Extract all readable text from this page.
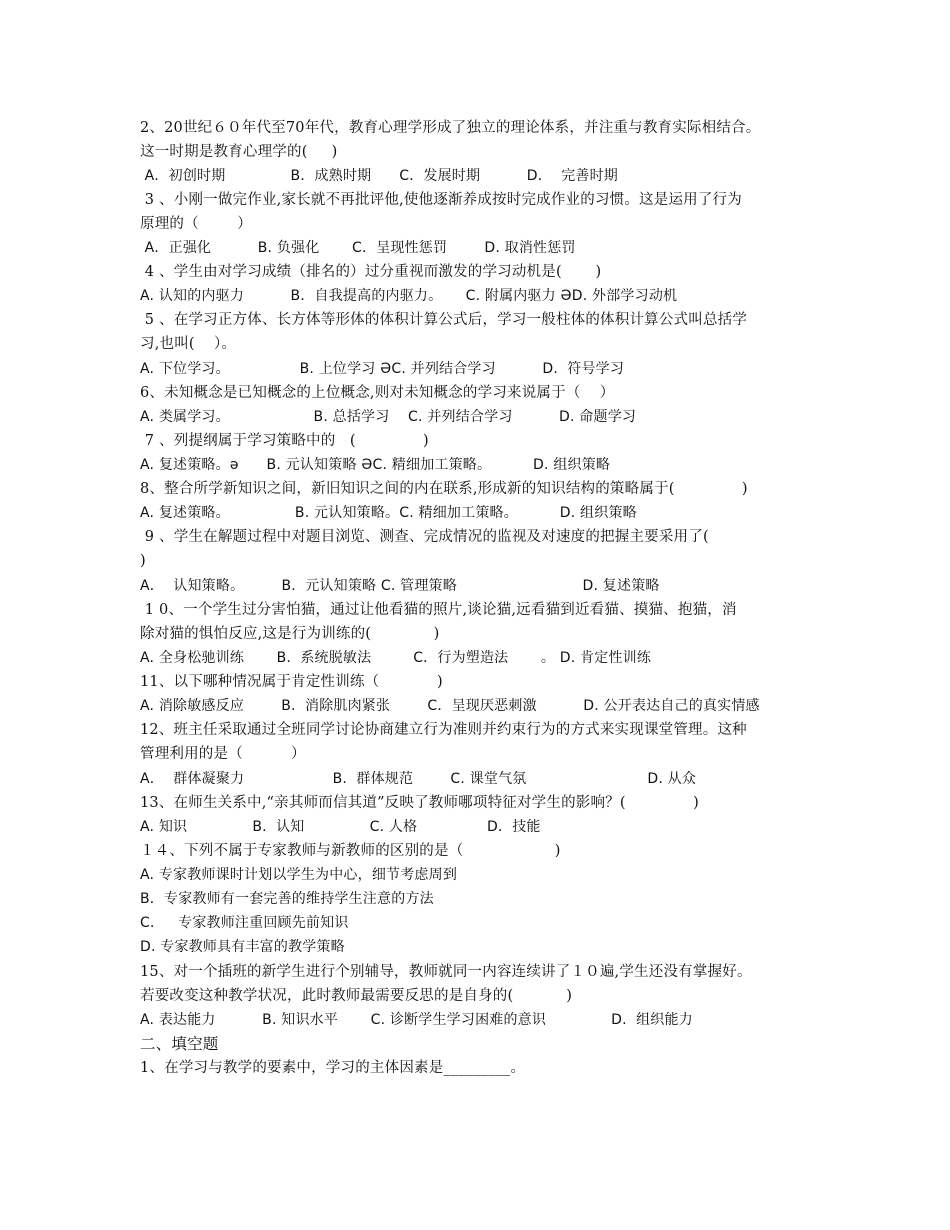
2、20世纪６０年代至70年代，教育心理学形成了独立的理论体系，并注重与教育实际相结合。
这一时期是教育心理学的(     )
A．初创时期              B．成熟时期      C．发展时期          D．  完善时期
3 、小刚一做完作业,家长就不再批评他,使他逐渐养成按时完成作业的习惯。这是运用了行为
原理的（        ）
A．正强化          B. 负强化       C．呈现性惩罚        D. 取消性惩罚
4 、学生由对学习成绩（排名的）过分重视而激发的学习动机是(       )
A. 认知的内驱力          B．自我提高的内驱力。     C. 附属内驱力 ƏD. 外部学习动机
5 、在学习正方体、长方体等形体的体积计算公式后，学习一般柱体的体积计算公式叫总括学
习,也叫(    ）。
A. 下位学习。               B. 上位学习 ƏC. 并列结合学习          D.  符号学习
6、未知概念是已知概念的上位概念,则对未知概念的学习来说属于（    ）
A. 类属学习。                  B. 总括学习    C. 并列结合学习          D. 命题学习
7 、列提纲属于学习策略中的   (              )
A. 复述策略。ə      B. 元认知策略 ƏC. 精细加工策略。         D. 组织策略
8、整合所学新知识之间，新旧知识之间的内在联系,形成新的知识结构的策略属于(              )
A. 复述策略。              B. 元认知策略。C. 精细加工策略。         D. 组织策略
9 、学生在解题过程中对题目浏览、测查、完成情况的监视及对速度的把握主要采用了(
)
A．  认知策略。        B.  元认知策略 C. 管理策略                           D. 复述策略
1 0、一个学生过分害怕猫，通过让他看猫的照片,谈论猫,远看猫到近看猫、摸猫、抱猫，消
除对猫的惧怕反应,这是行为训练的(             )
A. 全身松驰训练       B.  系统脱敏法         C．行为塑造法       。 D. 肯定性训练
11、以下哪种情况属于肯定性训练（            )
A. 消除敏感反应        B.  消除肌肉紧张        C．呈现厌恶刺激          D. 公开表达自己的真实情感
12、班主任采取通过全班同学讨论协商建立行为准则并约束行为的方式来实现课堂管理。这种
管理利用的是（          ）
A．  群体凝聚力                   B.  群体规范        C. 课堂气氛                          D. 从众
13、在师生关系中,“亲其师而信其道”反映了教师哪项特征对学生的影响？(              )
A. 知识              B.  认知              C. 人格               D．技能
１４、下列不属于专家教师与新教师的区别的是（                   )
A. 专家教师课时计划以学生为中心，细节考虑周到
B．专家教师有一套完善的维持学生注意的方法
C．   专家教师注重回顾先前知识
D. 专家教师具有丰富的教学策略
15、对一个插班的新学生进行个别辅导，教师就同一内容连续讲了１０遍,学生还没有掌握好。
若要改变这种教学状况，此时教师最需要反思的是自身的(           )
A. 表达能力          B. 知识水平       C. 诊断学生学习困难的意识              D.  组织能力
二、填空题
1、在学习与教学的要素中，学习的主体因素是_________。
